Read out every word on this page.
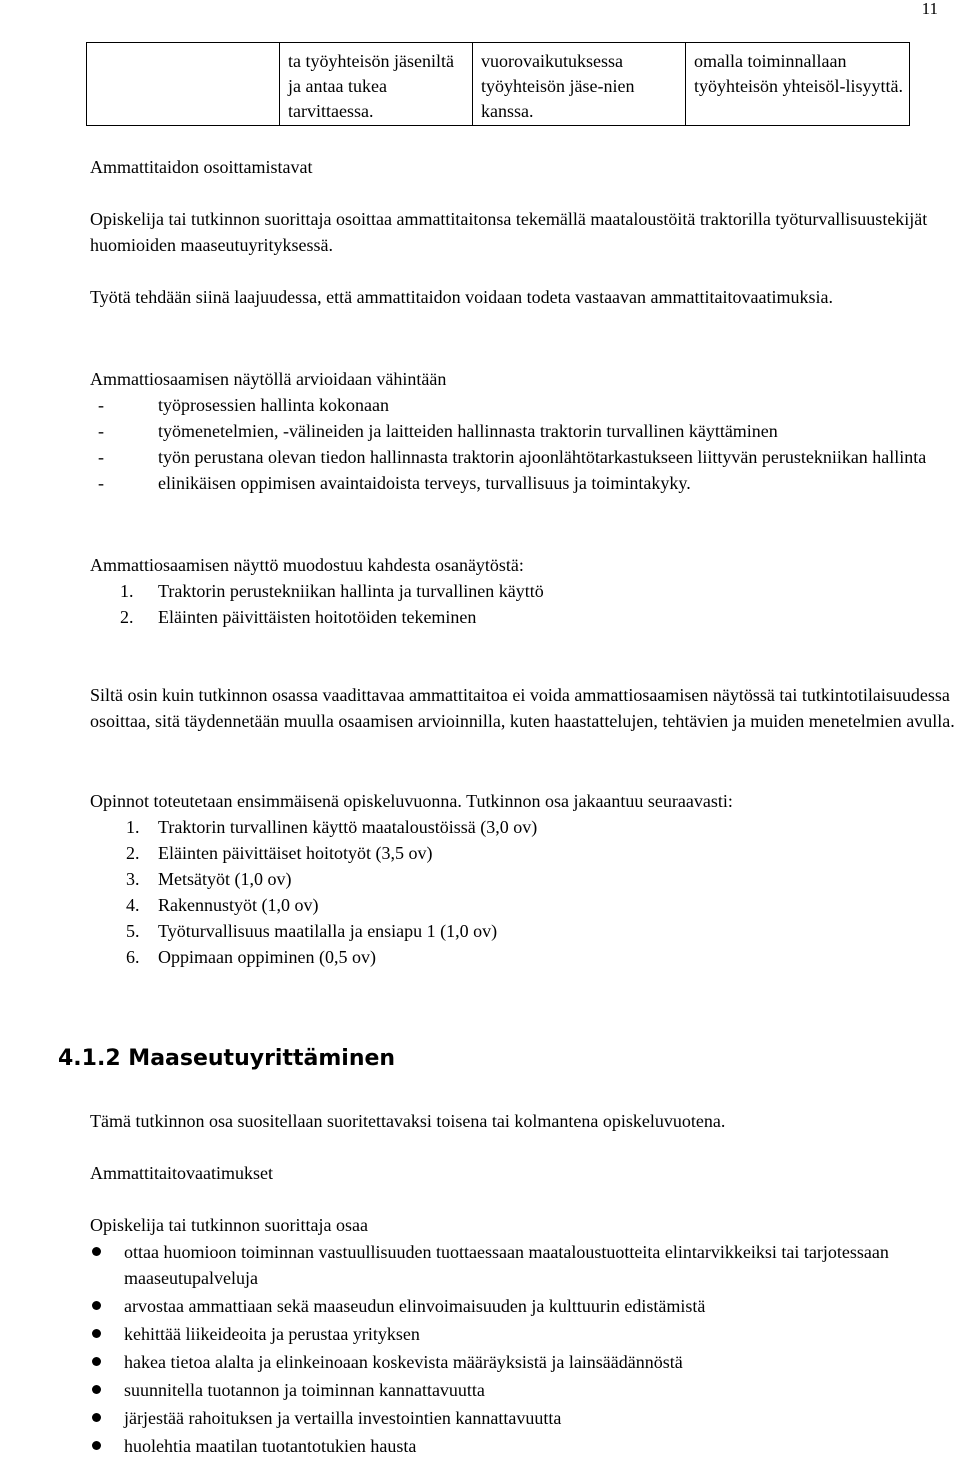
11
	ta työyhteisön jäseniltä ja antaa tukea tarvittaessa.	vuorovaikutuksessa työyhteisön jäse-nien kanssa.	omalla toiminnallaan työyhteisön yhteisöl-lisyyttä.
Ammattitaidon osoittamistavat
Opiskelija tai tutkinnon suorittaja osoittaa ammattitaitonsa tekemällä maataloustöitä traktorilla työturvallisuustekijät huomioiden maaseutuyrityksessä.
Työtä tehdään siinä laajuudessa, että ammattitaidon voidaan todeta vastaavan ammattitaitovaatimuksia.
Ammattiosaamisen näytöllä arvioidaan vähintään
-	työprosessien hallinta kokonaan
-	työmenetelmien, -välineiden ja laitteiden hallinnasta traktorin turvallinen käyttäminen
-	työn perustana olevan tiedon hallinnasta traktorin ajoonlähtötarkastukseen liittyvän perustekniikan hallinta
-	elinikäisen oppimisen avaintaidoista terveys, turvallisuus ja toimintakyky.
Ammattiosaamisen näyttö muodostuu kahdesta osanäytöstä:
1. Traktorin perustekniikan hallinta ja turvallinen käyttö
2. Eläinten päivittäisten hoitotöiden tekeminen
Siltä osin kuin tutkinnon osassa vaadittavaa ammattitaitoa ei voida ammattiosaamisen näytössä tai tutkintotilaisuudessa osoittaa, sitä täydennetään muulla osaamisen arvioinnilla, kuten haastattelujen, tehtävien ja muiden menetelmien avulla.
Opinnot toteutetaan ensimmäisenä opiskeluvuonna. Tutkinnon osa jakaantuu seuraavasti:
1. Traktorin turvallinen käyttö maataloustöissä (3,0 ov)
2. Eläinten päivittäiset hoitotyöt (3,5 ov)
3. Metsätyöt (1,0 ov)
4. Rakennustyöt (1,0 ov)
5. Työturvallisuus maatilalla ja ensiapu 1 (1,0 ov)
6. Oppimaan oppiminen (0,5 ov)
4.1.2 Maaseutuyrittäminen
Tämä tutkinnon osa suositellaan suoritettavaksi toisena tai kolmantena opiskeluvuotena.
Ammattitaitovaatimukset
Opiskelija tai tutkinnon suorittaja osaa
ottaa huomioon toiminnan vastuullisuuden tuottaessaan maataloustuotteita elintarvikkeiksi tai tarjotessaan maaseutupalveluja
arvostaa ammattiaan sekä maaseudun elinvoimaisuuden ja kulttuurin edistämistä
kehittää liikeideoita ja perustaa yrityksen
hakea tietoa alalta ja elinkeinoaan koskevista määräyksistä ja lainsäädännöstä
suunnitella tuotannon ja toiminnan kannattavuutta
järjestää rahoituksen ja vertailla investointien kannattavuutta
huolehtia maatilan tuotantotukien hausta
